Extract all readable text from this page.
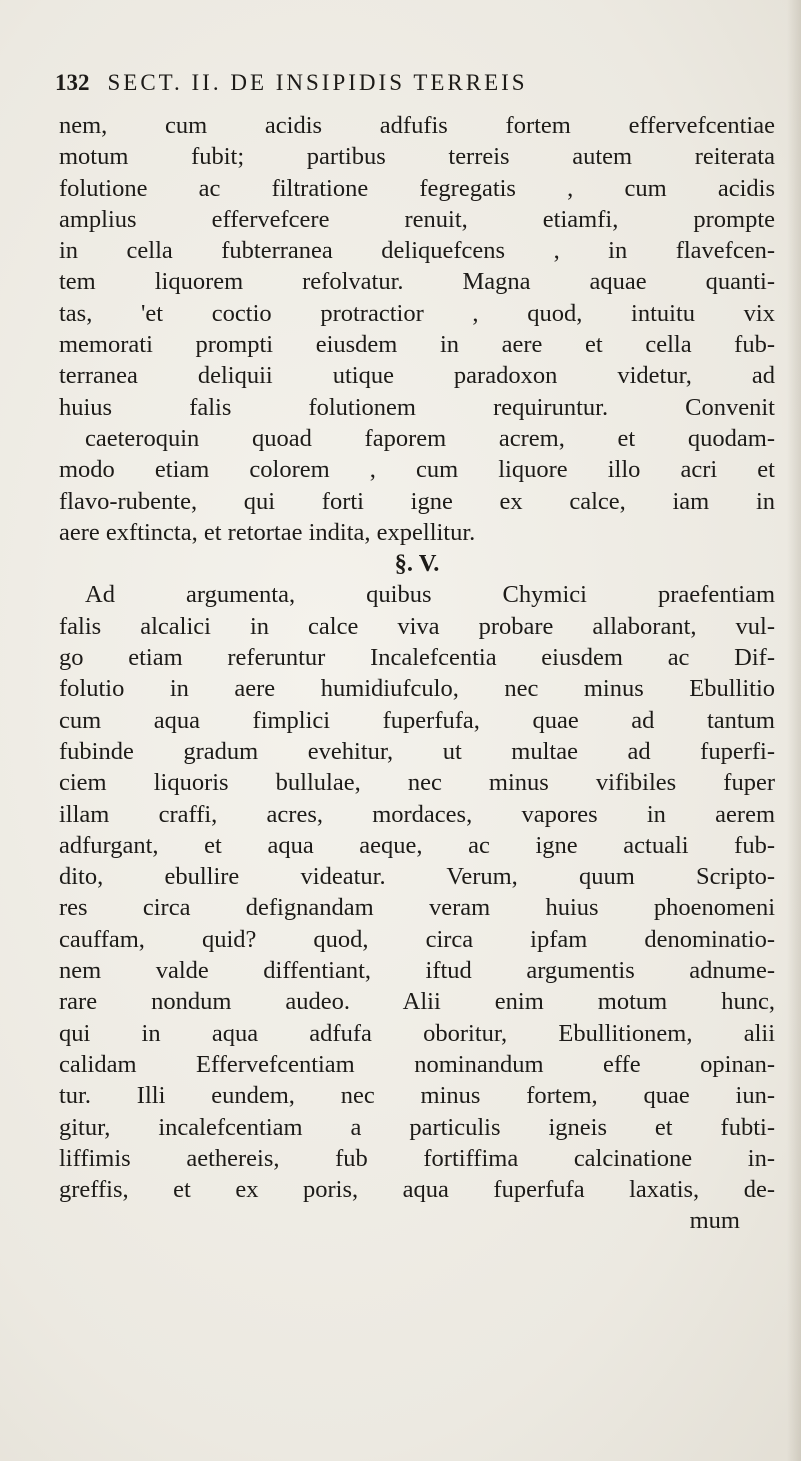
132 SECT. II. DE INSIPIDIS TERREIS
nem, cum acidis adfufis fortem effervefcentiae
motum fubit; partibus terreis autem reiterata
folutione ac filtratione fegregatis , cum acidis
amplius effervefcere renuit, etiamfi, prompte
in cella fubterranea deliquefcens , in flavefcen-
tem liquorem refolvatur. Magna aquae quanti-
tas, 'et coctio protractior , quod, intuitu vix
memorati prompti eiusdem in aere et cella fub-
terranea deliquii utique paradoxon videtur, ad
huius falis folutionem requiruntur. Convenit
caeteroquin quoad faporem acrem, et quodam-
modo etiam colorem , cum liquore illo acri et
flavo-rubente, qui forti igne ex calce, iam in
aere exftincta, et retortae indita, expellitur.
§. V.
Ad argumenta, quibus Chymici praefentiam
falis alcalici in calce viva probare allaborant, vul-
go etiam referuntur Incalefcentia eiusdem ac Dif-
folutio in aere humidiufculo, nec minus Ebullitio
cum aqua fimplici fuperfufa, quae ad tantum
fubinde gradum evehitur, ut multae ad fuperfi-
ciem liquoris bullulae, nec minus vifibiles fuper
illam craffi, acres, mordaces, vapores in aerem
adfurgant, et aqua aeque, ac igne actuali fub-
dito, ebullire videatur. Verum, quum Scripto-
res circa defignandam veram huius phoenomeni
cauffam, quid? quod, circa ipfam denominatio-
nem valde diffentiant, iftud argumentis adnume-
rare nondum audeo. Alii enim motum hunc,
qui in aqua adfufa oboritur, Ebullitionem, alii
calidam Effervefcentiam nominandum effe opinan-
tur. Illi eundem, nec minus fortem, quae iun-
gitur, incalefcentiam a particulis igneis et fubti-
liffimis aethereis, fub fortiffima calcinatione in-
greffis, et ex poris, aqua fuperfufa laxatis, de-
mum
